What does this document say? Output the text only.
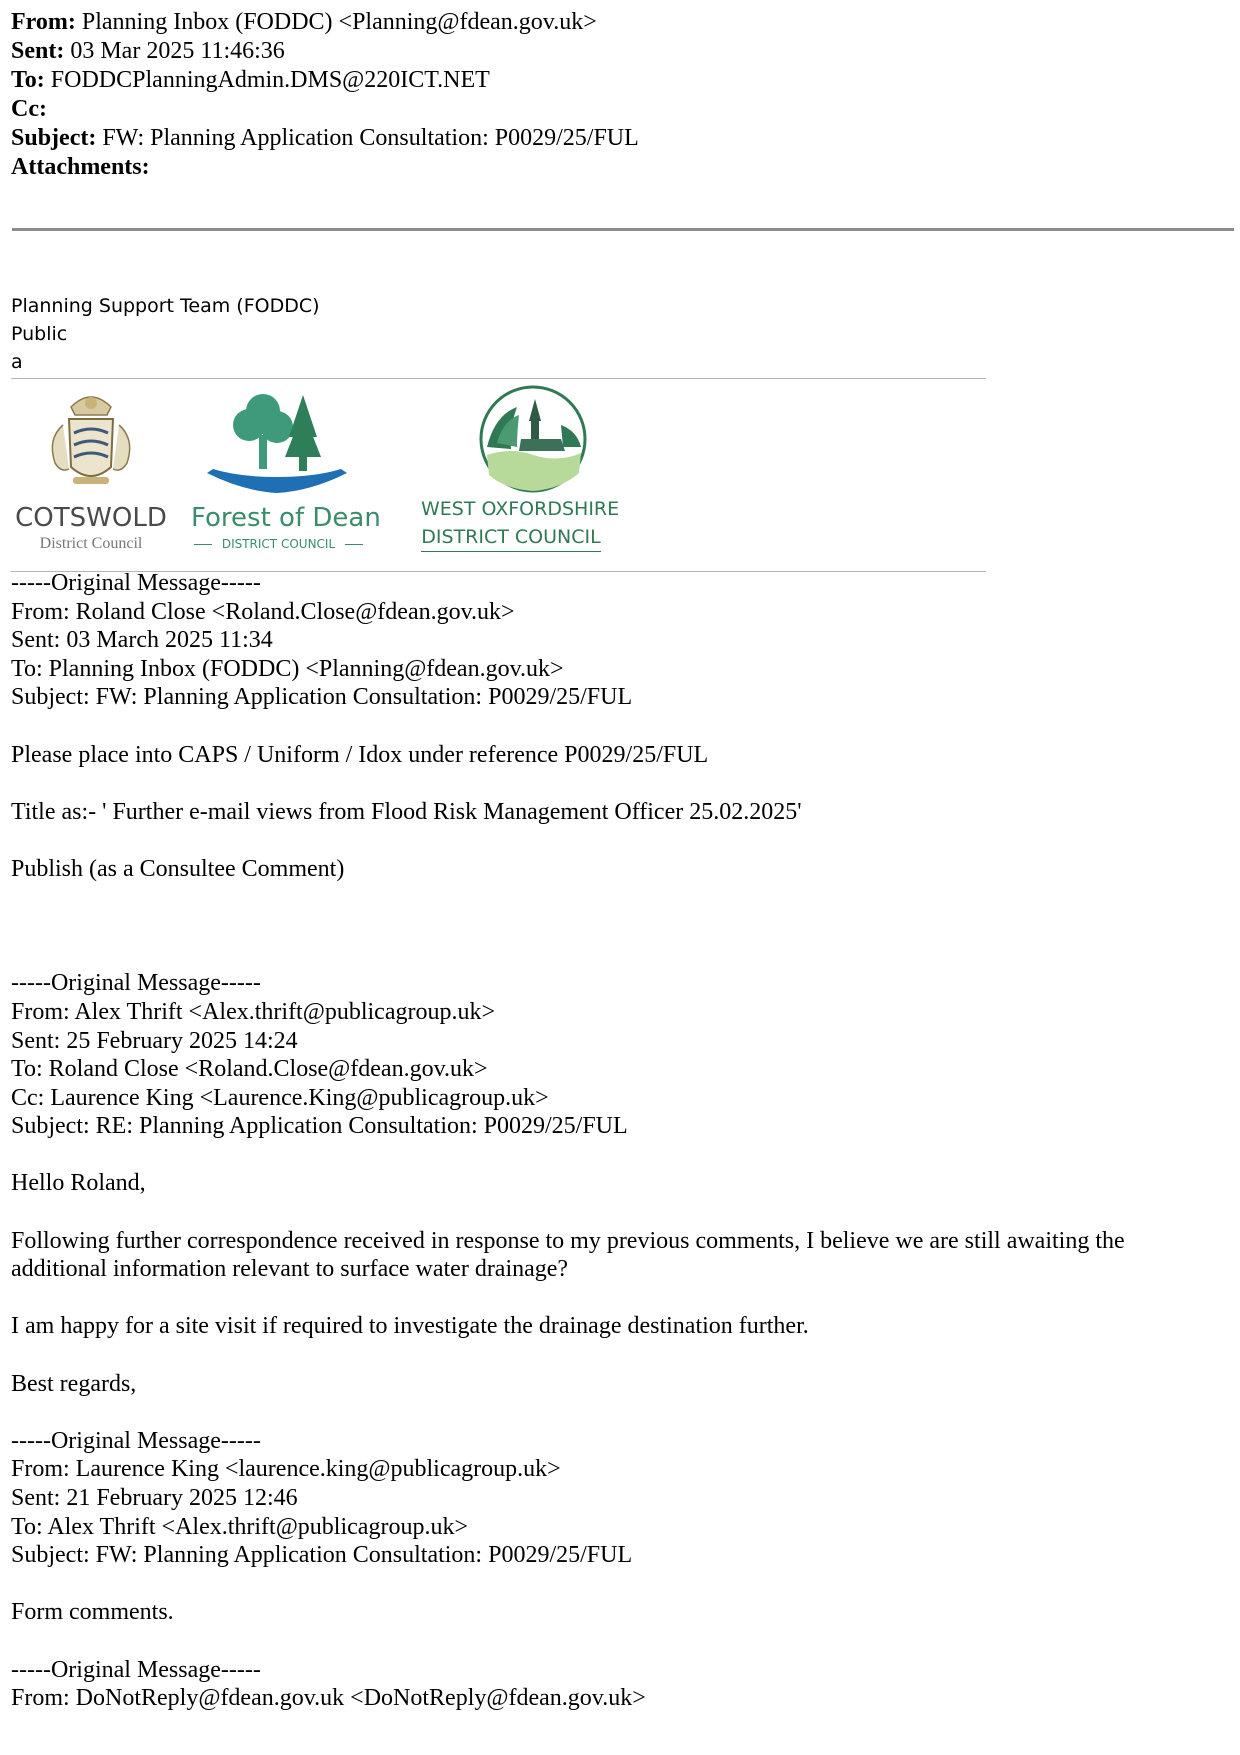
From: Planning Inbox (FODDC) <Planning@fdean.gov.uk>
Sent: 03 Mar 2025 11:46:36
To: FODDCPlanningAdmin.DMS@220ICT.NET
Cc:
Subject: FW: Planning Application Consultation: P0029/25/FUL
Attachments:
Planning Support Team (FODDC)
Public
a
COTSWOLD
District Council
Forest of Dean
DISTRICT COUNCIL
WEST OXFORDSHIRE
DISTRICT COUNCIL

-----Original Message-----

From: Roland Close <Roland.Close@fdean.gov.uk>

Sent: 03 March 2025 11:34

To: Planning Inbox (FODDC) <Planning@fdean.gov.uk>

Subject: FW: Planning Application Consultation: P0029/25/FUL

Please place into CAPS / Uniform / Idox under reference P0029/25/FUL

Title as:- ' Further e-mail views from Flood Risk Management Officer 25.02.2025'

Publish (as a Consultee Comment)

-----Original Message-----

From: Alex Thrift <Alex.thrift@publicagroup.uk>

Sent: 25 February 2025 14:24

To: Roland Close <Roland.Close@fdean.gov.uk>

Cc: Laurence King <Laurence.King@publicagroup.uk>

Subject: RE: Planning Application Consultation: P0029/25/FUL

Hello Roland,

Following further correspondence received in response to my previous comments, I believe we are still awaiting the

additional information relevant to surface water drainage?

I am happy for a site visit if required to investigate the drainage destination further.

Best regards,

-----Original Message-----

From: Laurence King <laurence.king@publicagroup.uk>

Sent: 21 February 2025 12:46

To: Alex Thrift <Alex.thrift@publicagroup.uk>

Subject: FW: Planning Application Consultation: P0029/25/FUL

Form comments.

-----Original Message-----

From: DoNotReply@fdean.gov.uk <DoNotReply@fdean.gov.uk>
